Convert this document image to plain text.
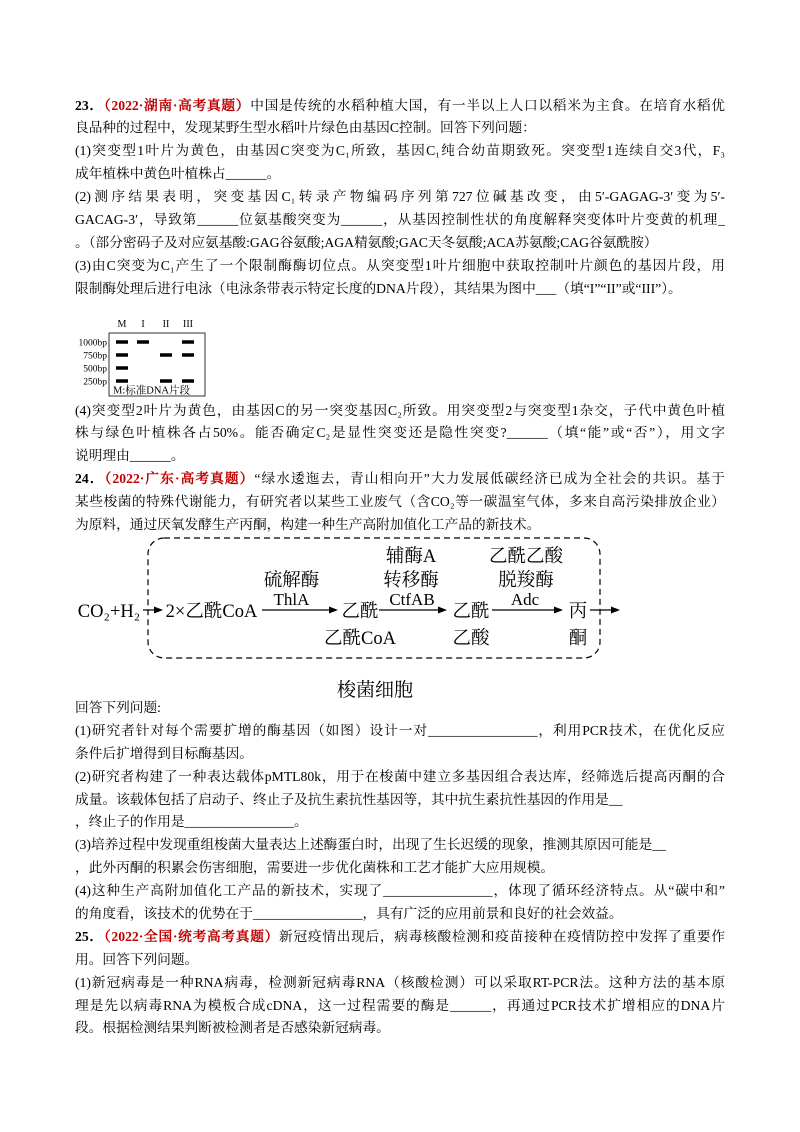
23．（2022·湖南·高考真题）中国是传统的水稻种植大国，有一半以上人口以稻米为主食。在培育水稻优
良品种的过程中，发现某野生型水稻叶片绿色由基因C控制。回答下列问题：
(1)突变型1叶片为黄色，由基因C突变为C₁所致，基因C₁纯合幼苗期致死。突变型1连续自交3代，F₃
成年植株中黄色叶植株占______。
(2)测序结果表明，突变基因C₁转录产物编码序列第727位碱基改变，由5′-GAGAG-3′变为5′-
GACAG-3′，导致第______位氨基酸突变为______，从基因控制性状的角度解释突变体叶片变黄的机理_
。（部分密码子及对应氨基酸:GAG谷氨酸;AGA精氨酸;GAC天冬氨酸;ACA苏氨酸;CAG谷氨酰胺）
(3)由C突变为C₁产生了一个限制酶酶切位点。从突变型1叶片细胞中获取控制叶片颜色的基因片段，用
限制酶处理后进行电泳（电泳条带表示特定长度的DNA片段），其结果为图中___（填“I”“II”或“III”）。
M I II III
1000bp
750bp
500bp
250bp
M:标准DNA片段
(4)突变型2叶片为黄色，由基因C的另一突变基因C₂所致。用突变型2与突变型1杂交，子代中黄色叶植
株与绿色叶植株各占50%。能否确定C₂是显性突变还是隐性突变?______（填“能”或“否”），用文字
说明理由______。
24．（2022·广东·高考真题）“绿水逶迤去，青山相向开”大力发展低碳经济已成为全社会的共识。基于
某些梭菌的特殊代谢能力，有研究者以某些工业废气（含CO₂等一碳温室气体，多来自高污染排放企业）
为原料，通过厌氧发酵生产丙酮，构建一种生产高附加值化工产品的新技术。
CO₂+H₂ 2×乙酰CoA
硫解酶
ThlA
乙酰
乙酰CoA
辅酶A
转移酶
CtfAB
乙酰
乙酸
乙酰乙酸
脱羧酶
Adc
丙
酮
梭菌细胞
回答下列问题:
(1)研究者针对每个需要扩增的酶基因（如图）设计一对________________，利用PCR技术，在优化反应
条件后扩增得到目标酶基因。
(2)研究者构建了一种表达载体pMTL80k，用于在梭菌中建立多基因组合表达库，经筛选后提高丙酮的合
成量。该载体包括了启动子、终止子及抗生素抗性基因等，其中抗生素抗性基因的作用是__
，终止子的作用是________________。
(3)培养过程中发现重组梭菌大量表达上述酶蛋白时，出现了生长迟缓的现象，推测其原因可能是__
，此外丙酮的积累会伤害细胞，需要进一步优化菌株和工艺才能扩大应用规模。
(4)这种生产高附加值化工产品的新技术，实现了________________，体现了循环经济特点。从“碳中和”
的角度看，该技术的优势在于________________，具有广泛的应用前景和良好的社会效益。
25．（2022·全国·统考高考真题）新冠疫情出现后，病毒核酸检测和疫苗接种在疫情防控中发挥了重要作
用。回答下列问题。
(1)新冠病毒是一种RNA病毒，检测新冠病毒RNA（核酸检测）可以采取RT-PCR法。这种方法的基本原
理是先以病毒RNA为模板合成cDNA，这一过程需要的酶是______，再通过PCR技术扩增相应的DNA片
段。根据检测结果判断被检测者是否感染新冠病毒。
